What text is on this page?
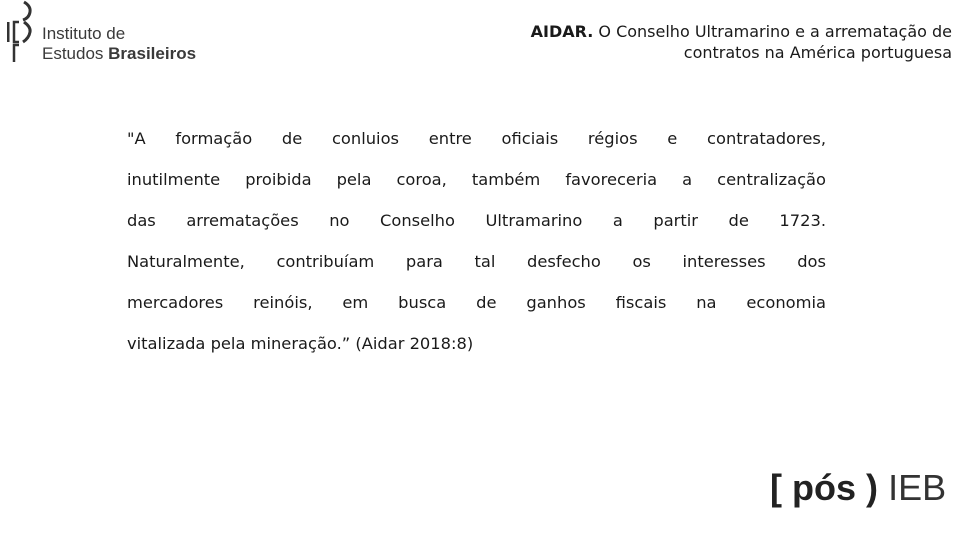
Instituto de
Estudos Brasileiros
AIDAR. O Conselho Ultramarino e a arrematação de
contratos na América portuguesa
"A formação de conluios entre oficiais régios e contratadores,
inutilmente proibida pela coroa, também favoreceria a centralização
das arrematações no Conselho Ultramarino a partir de 1723.
Naturalmente, contribuíam para tal desfecho os interesses dos
mercadores reinóis, em busca de ganhos fiscais na economia
vitalizada pela mineração.” (Aidar 2018:8)
[ pós ) IEB
